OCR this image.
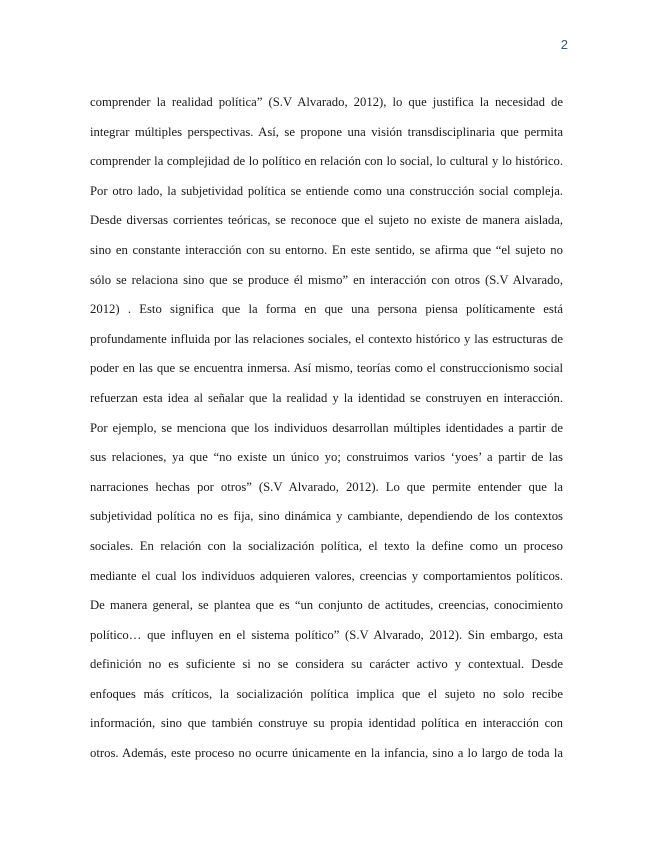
2
comprender la realidad política” (S.V Alvarado, 2012), lo que justifica la necesidad de
integrar múltiples perspectivas. Así, se propone una visión transdisciplinaria que permita
comprender la complejidad de lo político en relación con lo social, lo cultural y lo histórico.
Por otro lado, la subjetividad política se entiende como una construcción social compleja.
Desde diversas corrientes teóricas, se reconoce que el sujeto no existe de manera aislada,
sino en constante interacción con su entorno. En este sentido, se afirma que “el sujeto no
sólo se relaciona sino que se produce él mismo” en interacción con otros (S.V Alvarado,
2012) . Esto significa que la forma en que una persona piensa políticamente está
profundamente influida por las relaciones sociales, el contexto histórico y las estructuras de
poder en las que se encuentra inmersa. Así mismo, teorías como el construccionismo social
refuerzan esta idea al señalar que la realidad y la identidad se construyen en interacción.
Por ejemplo, se menciona que los individuos desarrollan múltiples identidades a partir de
sus relaciones, ya que “no existe un único yo; construimos varios ‘yoes’ a partir de las
narraciones hechas por otros” (S.V Alvarado, 2012). Lo que permite entender que la
subjetividad política no es fija, sino dinámica y cambiante, dependiendo de los contextos
sociales. En relación con la socialización política, el texto la define como un proceso
mediante el cual los individuos adquieren valores, creencias y comportamientos políticos.
De manera general, se plantea que es “un conjunto de actitudes, creencias, conocimiento
político… que influyen en el sistema político” (S.V Alvarado, 2012). Sin embargo, esta
definición no es suficiente si no se considera su carácter activo y contextual. Desde
enfoques más críticos, la socialización política implica que el sujeto no solo recibe
información, sino que también construye su propia identidad política en interacción con
otros. Además, este proceso no ocurre únicamente en la infancia, sino a lo largo de toda la
